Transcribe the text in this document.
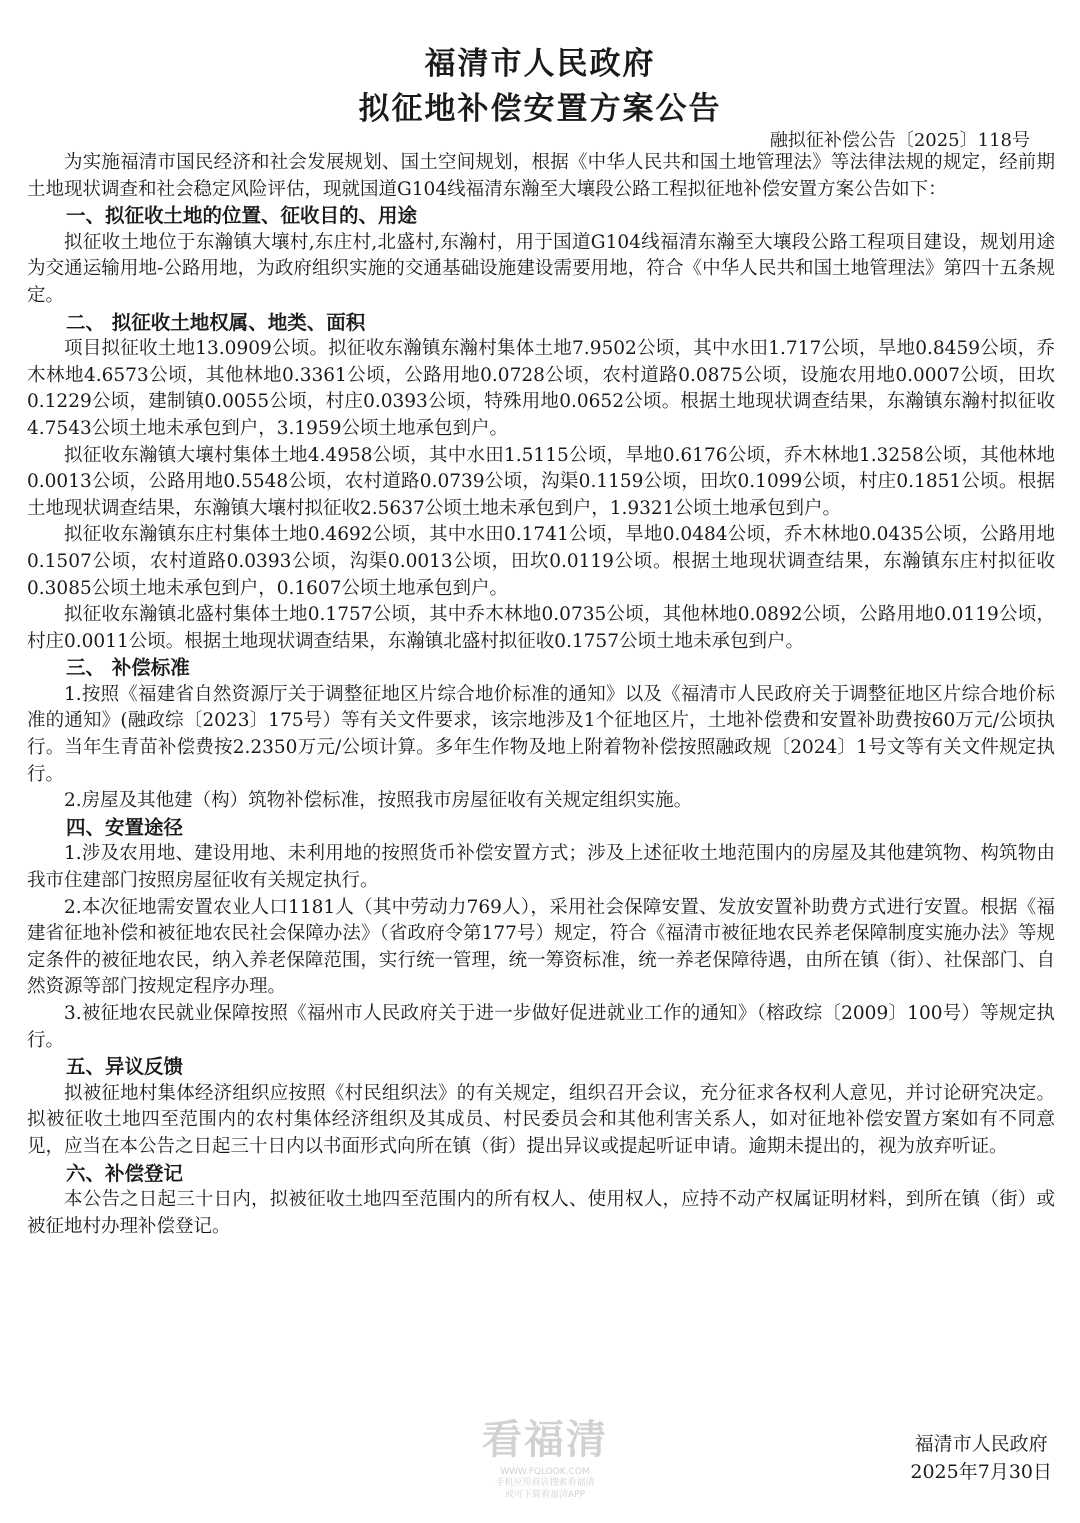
福清市人民政府
拟征地补偿安置方案公告
融拟征补偿公告〔2025〕118号

为实施福清市国民经济和社会发展规划、国土空间规划，根据《中华人民共和国土地管理法》等法律法规的规定，经前期土地现状调查和社会稳定风险评估，现就国道G104线福清东瀚至大壤段公路工程拟征地补偿安置方案公告如下：

一、拟征收土地的位置、征收目的、用途

拟征收土地位于东瀚镇大壤村,东庄村,北盛村,东瀚村，用于国道G104线福清东瀚至大壤段公路工程项目建设，规划用途为交通运输用地-公路用地，为政府组织实施的交通基础设施建设需要用地，符合《中华人民共和国土地管理法》第四十五条规定。

二、 拟征收土地权属、地类、面积

项目拟征收土地13.0909公顷。拟征收东瀚镇东瀚村集体土地7.9502公顷，其中水田1.717公顷，旱地0.8459公顷，乔木林地4.6573公顷，其他林地0.3361公顷，公路用地0.0728公顷，农村道路0.0875公顷，设施农用地0.0007公顷，田坎0.1229公顷，建制镇0.0055公顷，村庄0.0393公顷，特殊用地0.0652公顷。根据土地现状调查结果，东瀚镇东瀚村拟征收4.7543公顷土地未承包到户，3.1959公顷土地承包到户。

拟征收东瀚镇大壤村集体土地4.4958公顷，其中水田1.5115公顷，旱地0.6176公顷，乔木林地1.3258公顷，其他林地0.0013公顷，公路用地0.5548公顷，农村道路0.0739公顷，沟渠0.1159公顷，田坎0.1099公顷，村庄0.1851公顷。根据土地现状调查结果，东瀚镇大壤村拟征收2.5637公顷土地未承包到户，1.9321公顷土地承包到户。

拟征收东瀚镇东庄村集体土地0.4692公顷，其中水田0.1741公顷，旱地0.0484公顷，乔木林地0.0435公顷，公路用地0.1507公顷，农村道路0.0393公顷，沟渠0.0013公顷，田坎0.0119公顷。根据土地现状调查结果，东瀚镇东庄村拟征收0.3085公顷土地未承包到户，0.1607公顷土地承包到户。

拟征收东瀚镇北盛村集体土地0.1757公顷，其中乔木林地0.0735公顷，其他林地0.0892公顷，公路用地0.0119公顷，村庄0.0011公顷。根据土地现状调查结果，东瀚镇北盛村拟征收0.1757公顷土地未承包到户。

三、 补偿标准

1.按照《福建省自然资源厅关于调整征地区片综合地价标准的通知》以及《福清市人民政府关于调整征地区片综合地价标准的通知》(融政综〔2023〕175号）等有关文件要求，该宗地涉及1个征地区片，土地补偿费和安置补助费按60万元/公顷执行。当年生青苗补偿费按2.2350万元/公顷计算。多年生作物及地上附着物补偿按照融政规〔2024〕1号文等有关文件规定执行。

2.房屋及其他建（构）筑物补偿标准，按照我市房屋征收有关规定组织实施。

四、安置途径

1.涉及农用地、建设用地、未利用地的按照货币补偿安置方式；涉及上述征收土地范围内的房屋及其他建筑物、构筑物由我市住建部门按照房屋征收有关规定执行。

2.本次征地需安置农业人口1181人（其中劳动力769人），采用社会保障安置、发放安置补助费方式进行安置。根据《福建省征地补偿和被征地农民社会保障办法》（省政府令第177号）规定，符合《福清市被征地农民养老保障制度实施办法》等规定条件的被征地农民，纳入养老保障范围，实行统一管理，统一筹资标准，统一养老保障待遇，由所在镇（街）、社保部门、自然资源等部门按规定程序办理。

3.被征地农民就业保障按照《福州市人民政府关于进一步做好促进就业工作的通知》（榕政综〔2009〕100号）等规定执行。

五、异议反馈

拟被征地村集体经济组织应按照《村民组织法》的有关规定，组织召开会议，充分征求各权利人意见，并讨论研究决定。拟被征收土地四至范围内的农村集体经济组织及其成员、村民委员会和其他利害关系人，如对征地补偿安置方案如有不同意见，应当在本公告之日起三十日内以书面形式向所在镇（街）提出异议或提起听证申请。逾期未提出的，视为放弃听证。

六、补偿登记

本公告之日起三十日内，拟被征收土地四至范围内的所有权人、使用权人，应持不动产权属证明材料，到所在镇（街）或被征地村办理补偿登记。

看福清
WWW.FQLOOK.COM
手机应用商店搜索看福清
或可下载看福清APP
福清市人民政府
2025年7月30日
